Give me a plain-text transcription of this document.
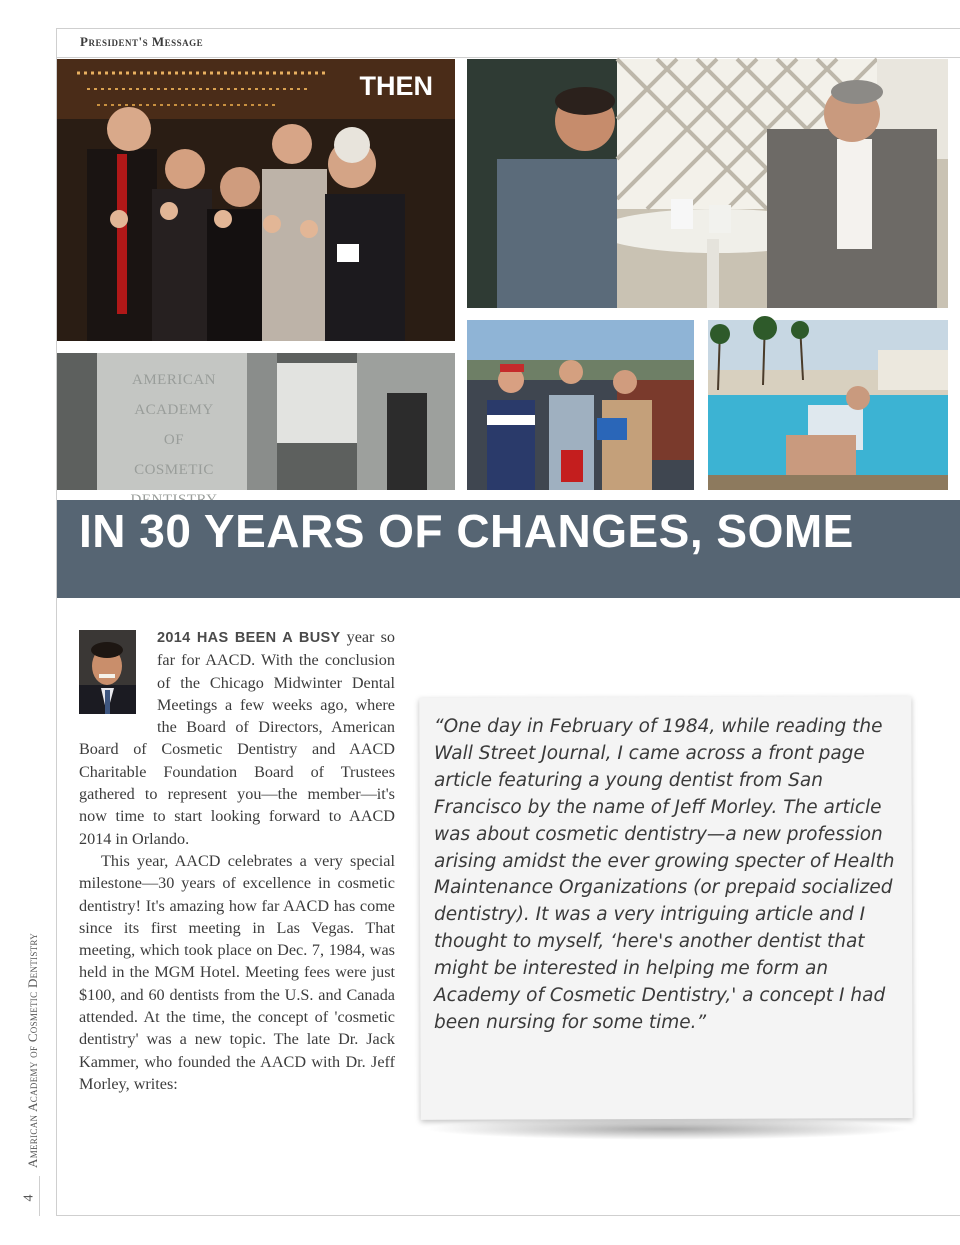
President's Message
THEN
AMERICAN ACADEMY
OF
COSMETIC
IN 30 YEARS OF CHANGES, SOME

2014 HAS BEEN A BUSY year so far for AACD. With the conclusion of the Chicago Midwinter Dental Meetings a few weeks ago, where the Board of Directors, American Board of Cosmetic Dentistry and AACD Charitable Foundation Board of Trustees gathered to represent you—the member—it's now time to start looking forward to AACD 2014 in Orlando.

This year, AACD celebrates a very special milestone—30 years of excellence in cosmetic dentistry! It's amazing how far AACD has come since its first meeting in Las Vegas. That meeting, which took place on Dec. 7, 1984, was held in the MGM Hotel. Meeting fees were just $100, and 60 dentists from the U.S. and Canada attended. At the time, the concept of 'cosmetic dentistry' was a new topic. The late Dr. Jack Kammer, who founded the AACD with Dr. Jeff Morley, writes:

“One day in February of 1984, while reading the Wall Street Journal, I came across a front page article featuring a young dentist from San Francisco by the name of Jeff Morley. The article was about cosmetic dentistry—a new profession arising amidst the ever growing specter of Health Maintenance Organizations (or prepaid socialized dentistry). It was a very intriguing article and I thought to myself, ‘here's another dentist that might be interested in helping me form an Academy of Cosmetic Dentistry,' a concept I had been nursing for some time.”
American Academy of Cosmetic Dentistry
4
